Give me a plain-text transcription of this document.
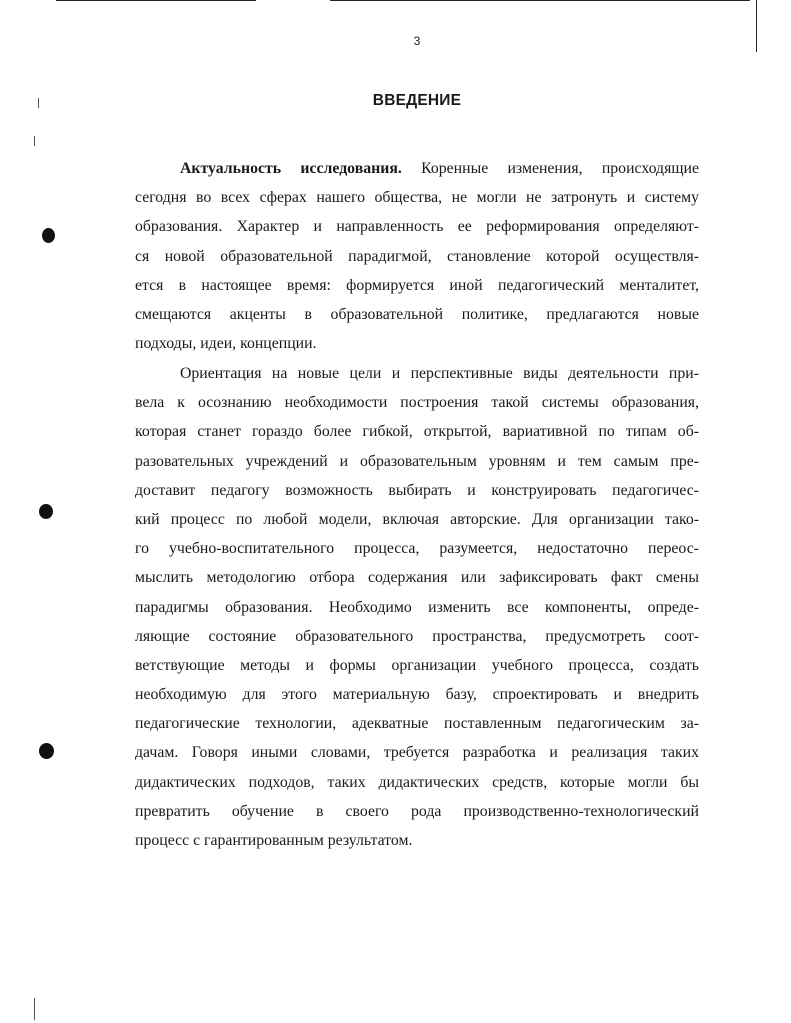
3
ВВЕДЕНИЕ
Актуальность исследования. Коренные изменения, происходящие
сегодня во всех сферах нашего общества, не могли не затронуть и систему
образования. Характер и направленность ее реформирования определяют-
ся новой образовательной парадигмой, становление которой осуществля-
ется в настоящее время: формируется иной педагогический менталитет,
смещаются акценты в образовательной политике, предлагаются новые
подходы, идеи, концепции.
Ориентация на новые цели и перспективные виды деятельности при-
вела к осознанию необходимости построения такой системы образования,
которая станет гораздо более гибкой, открытой, вариативной по типам об-
разовательных учреждений и образовательным уровням и тем самым пре-
доставит педагогу возможность выбирать и конструировать педагогичес-
кий процесс по любой модели, включая авторские. Для организации тако-
го учебно-воспитательного процесса, разумеется, недостаточно переос-
мыслить методологию отбора содержания или зафиксировать факт смены
парадигмы образования. Необходимо изменить все компоненты, опреде-
ляющие состояние образовательного пространства, предусмотреть соот-
ветствующие методы и формы организации учебного процесса, создать
необходимую для этого материальную базу, спроектировать и внедрить
педагогические технологии, адекватные поставленным педагогическим за-
дачам. Говоря иными словами, требуется разработка и реализация таких
дидактических подходов, таких дидактических средств, которые могли бы
превратить обучение в своего рода производственно-технологический
процесс с гарантированным результатом.
